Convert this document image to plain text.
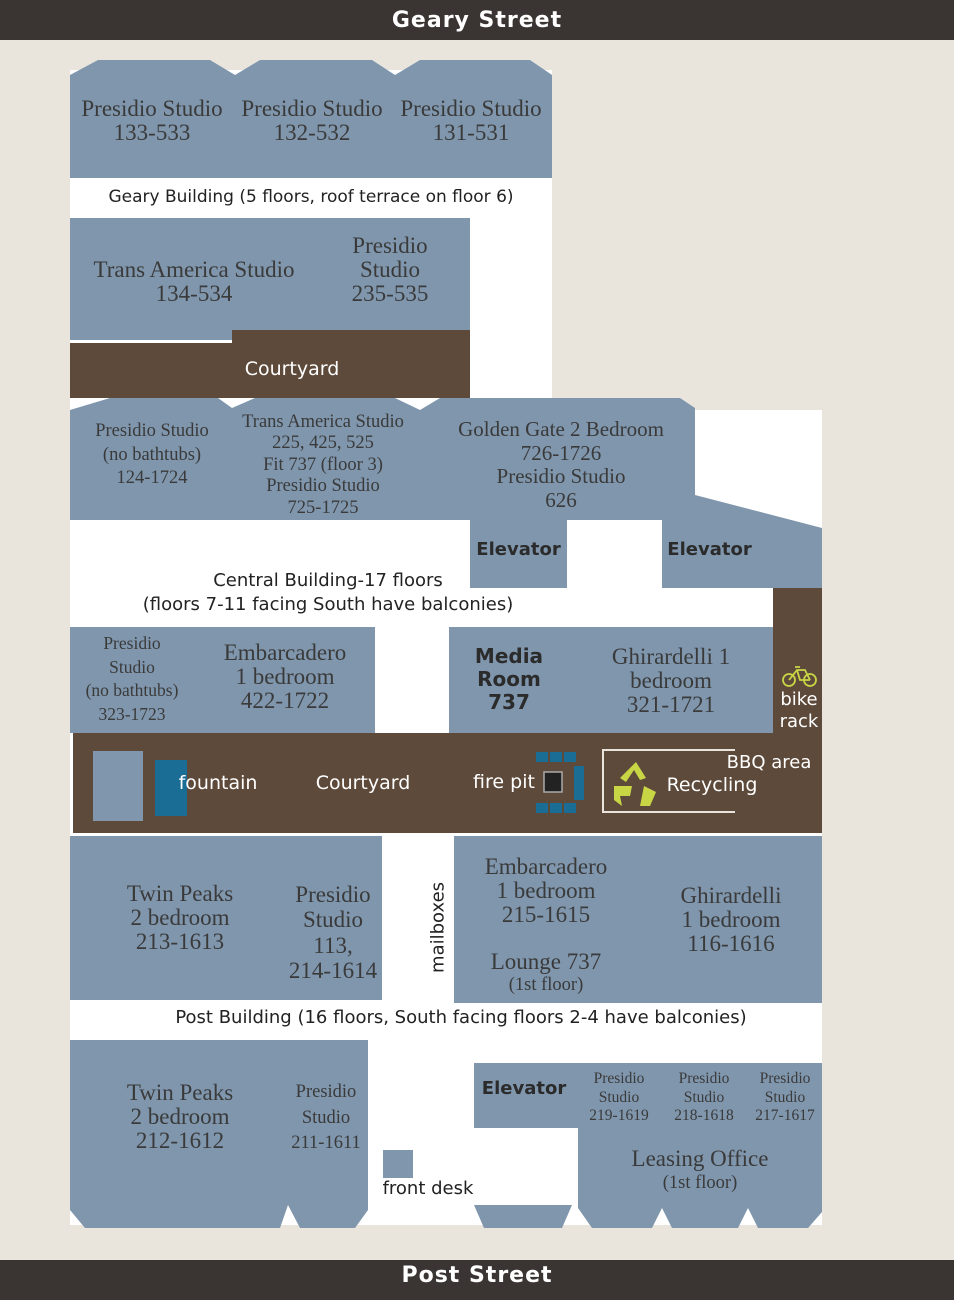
Geary Street
Post Street
Presidio Studio
133-533
Presidio Studio
132-532
Presidio Studio
131-531
Geary Building (5 floors, roof terrace on floor 6)
Trans America Studio
134-534
Presidio
Studio
235-535
Courtyard
Presidio Studio
(no bathtubs)
124-1724
Trans America Studio
225, 425, 525
Fit 737 (floor 3)
Presidio Studio
725-1725
Golden Gate 2 Bedroom
726-1726
Presidio Studio
626
Elevator	Elevator
Central Building-17 floors
(floors 7-11 facing South have balconies)
Presidio
Studio
(no bathtubs)
323-1723
Embarcadero
1 bedroom
422-1722
Media
Room
737
Ghirardelli 1
bedroom
321-1721	bike
rack
fountain	Courtyard	fire pit
BBQ area
Recycling
Twin Peaks
2 bedroom
213-1613
Presidio
Studio
113,
214-1614	mailboxes
Embarcadero
1 bedroom
215-1615
Lounge 737
(1st floor)
Ghirardelli
1 bedroom
116-1616
Post Building (16 floors, South facing floors 2-4 have balconies)
Twin Peaks
2 bedroom
212-1612
Presidio
Studio
211-1611
Elevator	Presidio
Studio
219-1619
Presidio
Studio
218-1618
Presidio
Studio
217-1617
Leasing Office
(1st floor)
front desk
